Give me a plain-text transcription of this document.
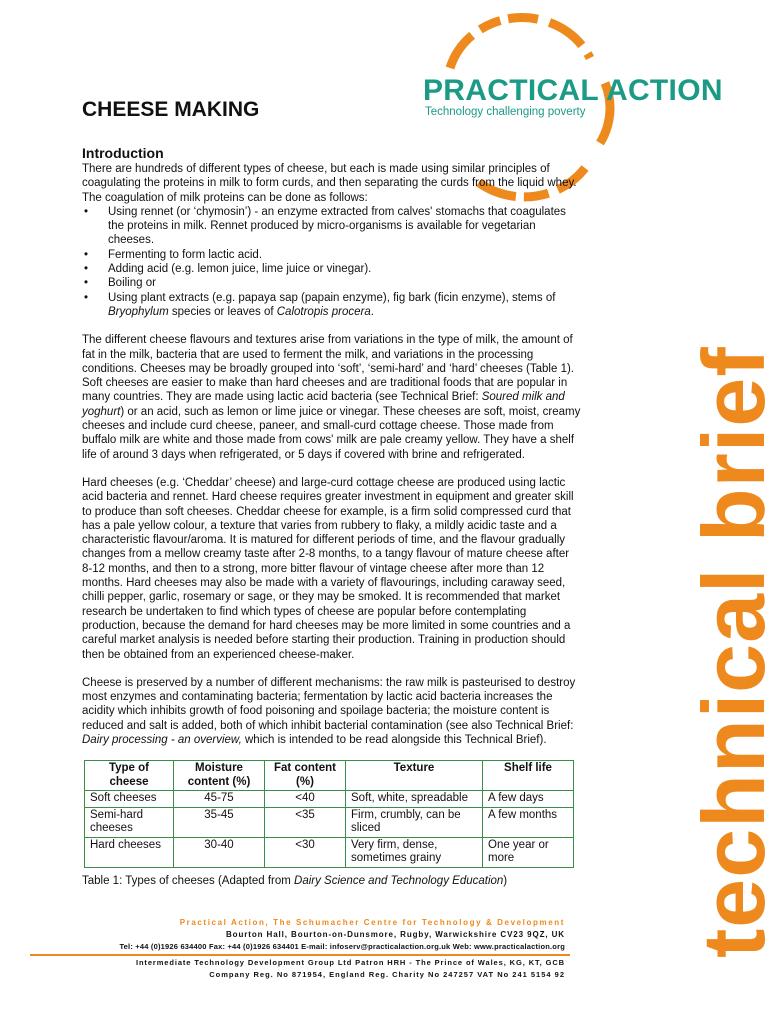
PRACTICAL ACTION
Technology challenging poverty
technical brief
CHEESE MAKING
Introduction

There are hundreds of different types of cheese, but each is made using similar principles of coagulating the proteins in milk to form curds, and then separating the curds from the liquid whey. The coagulation of milk proteins can be done as follows:

• Using rennet (or ‘chymosin’) - an enzyme extracted from calves' stomachs that coagulates the proteins in milk. Rennet produced by micro-organisms is available for vegetarian cheeses.
• Fermenting to form lactic acid.
• Adding acid (e.g. lemon juice, lime juice or vinegar).
• Boiling or
• Using plant extracts (e.g. papaya sap (papain enzyme), fig bark (ficin enzyme), stems of Bryophylum species or leaves of Calotropis procera.

The different cheese flavours and textures arise from variations in the type of milk, the amount of fat in the milk, bacteria that are used to ferment the milk, and variations in the processing conditions. Cheeses may be broadly grouped into ‘soft’, ‘semi-hard’ and ‘hard’ cheeses (Table 1). Soft cheeses are easier to make than hard cheeses and are traditional foods that are popular in many countries. They are made using lactic acid bacteria (see Technical Brief: Soured milk and yoghurt) or an acid, such as lemon or lime juice or vinegar. These cheeses are soft, moist, creamy cheeses and include curd cheese, paneer, and small-curd cottage cheese. Those made from buffalo milk are white and those made from cows' milk are pale creamy yellow. They have a shelf life of around 3 days when refrigerated, or 5 days if covered with brine and refrigerated.

Hard cheeses (e.g. ‘Cheddar’ cheese) and large-curd cottage cheese are produced using lactic acid bacteria and rennet. Hard cheese requires greater investment in equipment and greater skill to produce than soft cheeses. Cheddar cheese for example, is a firm solid compressed curd that has a pale yellow colour, a texture that varies from rubbery to flaky, a mildly acidic taste and a characteristic flavour/aroma. It is matured for different periods of time, and the flavour gradually changes from a mellow creamy taste after 2-8 months, to a tangy flavour of mature cheese after 8-12 months, and then to a strong, more bitter flavour of vintage cheese after more than 12 months. Hard cheeses may also be made with a variety of flavourings, including caraway seed, chilli pepper, garlic, rosemary or sage, or they may be smoked. It is recommended that market research be undertaken to find which types of cheese are popular before contemplating production, because the demand for hard cheeses may be more limited in some countries and a careful market analysis is needed before starting their production. Training in production should then be obtained from an experienced cheese-maker.

Cheese is preserved by a number of different mechanisms: the raw milk is pasteurised to destroy most enzymes and contaminating bacteria; fermentation by lactic acid bacteria increases the acidity which inhibits growth of food poisoning and spoilage bacteria; the moisture content is reduced and salt is added, both of which inhibit bacterial contamination (see also Technical Brief: Dairy processing - an overview, which is intended to be read alongside this Technical Brief).

Type of cheese	Moisture content (%)	Fat content (%)	Texture	Shelf life
Soft cheeses	45-75	<40	Soft, white, spreadable	A few days
Semi-hard cheeses	35-45	<35	Firm, crumbly, can be sliced	A few months
Hard cheeses	30-40	<30	Very firm, dense, sometimes grainy	One year or more
Table 1: Types of cheeses (Adapted from Dairy Science and Technology Education)
Practical Action, The Schumacher Centre for Technology & Development
Bourton Hall, Bourton-on-Dunsmore, Rugby, Warwickshire CV23 9QZ, UK
Tel: +44 (0)1926 634400 Fax: +44 (0)1926 634401 E-mail: infoserv@practicalaction.org.uk Web: www.practicalaction.org
Intermediate Technology Development Group Ltd Patron HRH - The Prince of Wales, KG, KT, GCB
Company Reg. No 871954, England Reg. Charity No 247257 VAT No 241 5154 92
